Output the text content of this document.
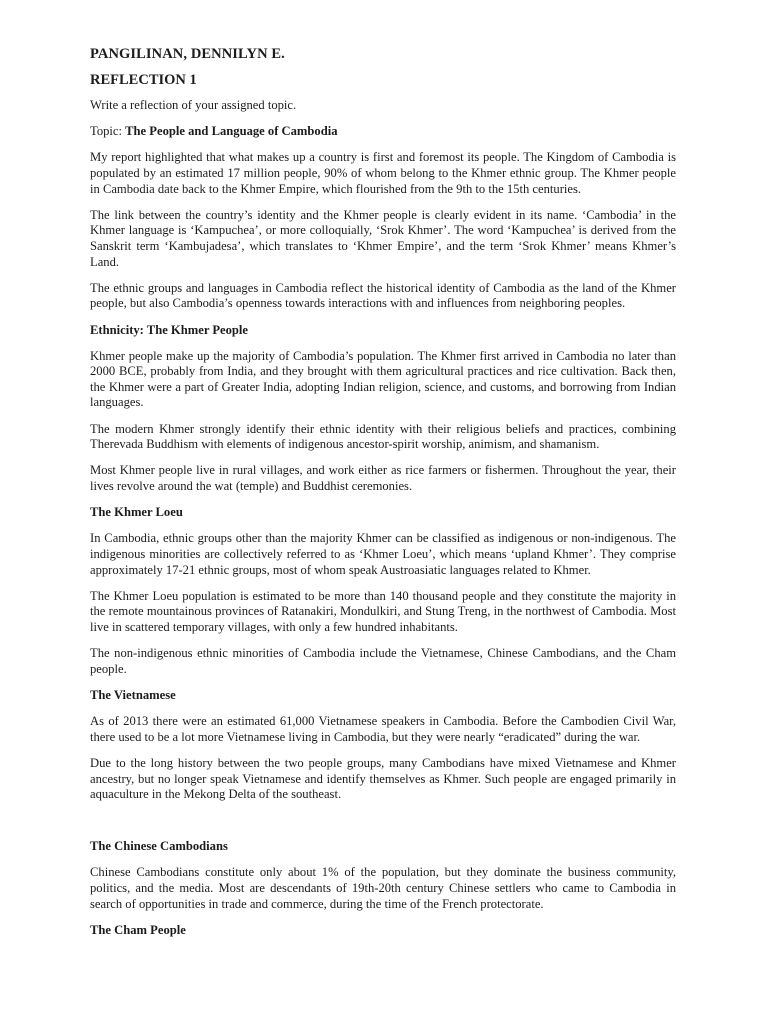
PANGILINAN, DENNILYN E.
REFLECTION 1

Write a reflection of your assigned topic.

Topic: The People and Language of Cambodia

My report highlighted that what makes up a country is first and foremost its people. The Kingdom of Cambodia is populated by an estimated 17 million people, 90% of whom belong to the Khmer ethnic group. The Khmer people in Cambodia date back to the Khmer Empire, which flourished from the 9th to the 15th centuries.

The link between the country’s identity and the Khmer people is clearly evident in its name. ‘Cambodia’ in the Khmer language is ‘Kampuchea’, or more colloquially, ‘Srok Khmer’. The word ‘Kampuchea’ is derived from the Sanskrit term ‘Kambujadesa’, which translates to ‘Khmer Empire’, and the term ‘Srok Khmer’ means Khmer’s Land.

The ethnic groups and languages in Cambodia reflect the historical identity of Cambodia as the land of the Khmer people, but also Cambodia’s openness towards interactions with and influences from neighboring peoples.

Ethnicity: The Khmer People

Khmer people make up the majority of Cambodia’s population. The Khmer first arrived in Cambodia no later than 2000 BCE, probably from India, and they brought with them agricultural practices and rice cultivation. Back then, the Khmer were a part of Greater India, adopting Indian religion, science, and customs, and borrowing from Indian languages.

The modern Khmer strongly identify their ethnic identity with their religious beliefs and practices, combining Therevada Buddhism with elements of indigenous ancestor-spirit worship, animism, and shamanism.

Most Khmer people live in rural villages, and work either as rice farmers or fishermen. Throughout the year, their lives revolve around the wat (temple) and Buddhist ceremonies.

The Khmer Loeu

In Cambodia, ethnic groups other than the majority Khmer can be classified as indigenous or non-indigenous. The indigenous minorities are collectively referred to as ‘Khmer Loeu’, which means ‘upland Khmer’. They comprise approximately 17-21 ethnic groups, most of whom speak Austroasiatic languages related to Khmer.

The Khmer Loeu population is estimated to be more than 140 thousand people and they constitute the majority in the remote mountainous provinces of Ratanakiri, Mondulkiri, and Stung Treng, in the northwest of Cambodia. Most live in scattered temporary villages, with only a few hundred inhabitants.

The non-indigenous ethnic minorities of Cambodia include the Vietnamese, Chinese Cambodians, and the Cham people.

The Vietnamese

As of 2013 there were an estimated 61,000 Vietnamese speakers in Cambodia. Before the Cambodien Civil War, there used to be a lot more Vietnamese living in Cambodia, but they were nearly “eradicated” during the war.

Due to the long history between the two people groups, many Cambodians have mixed Vietnamese and Khmer ancestry, but no longer speak Vietnamese and identify themselves as Khmer. Such people are engaged primarily in aquaculture in the Mekong Delta of the southeast.

The Chinese Cambodians

Chinese Cambodians constitute only about 1% of the population, but they dominate the business community, politics, and the media. Most are descendants of 19th-20th century Chinese settlers who came to Cambodia in search of opportunities in trade and commerce, during the time of the French protectorate.

The Cham People
